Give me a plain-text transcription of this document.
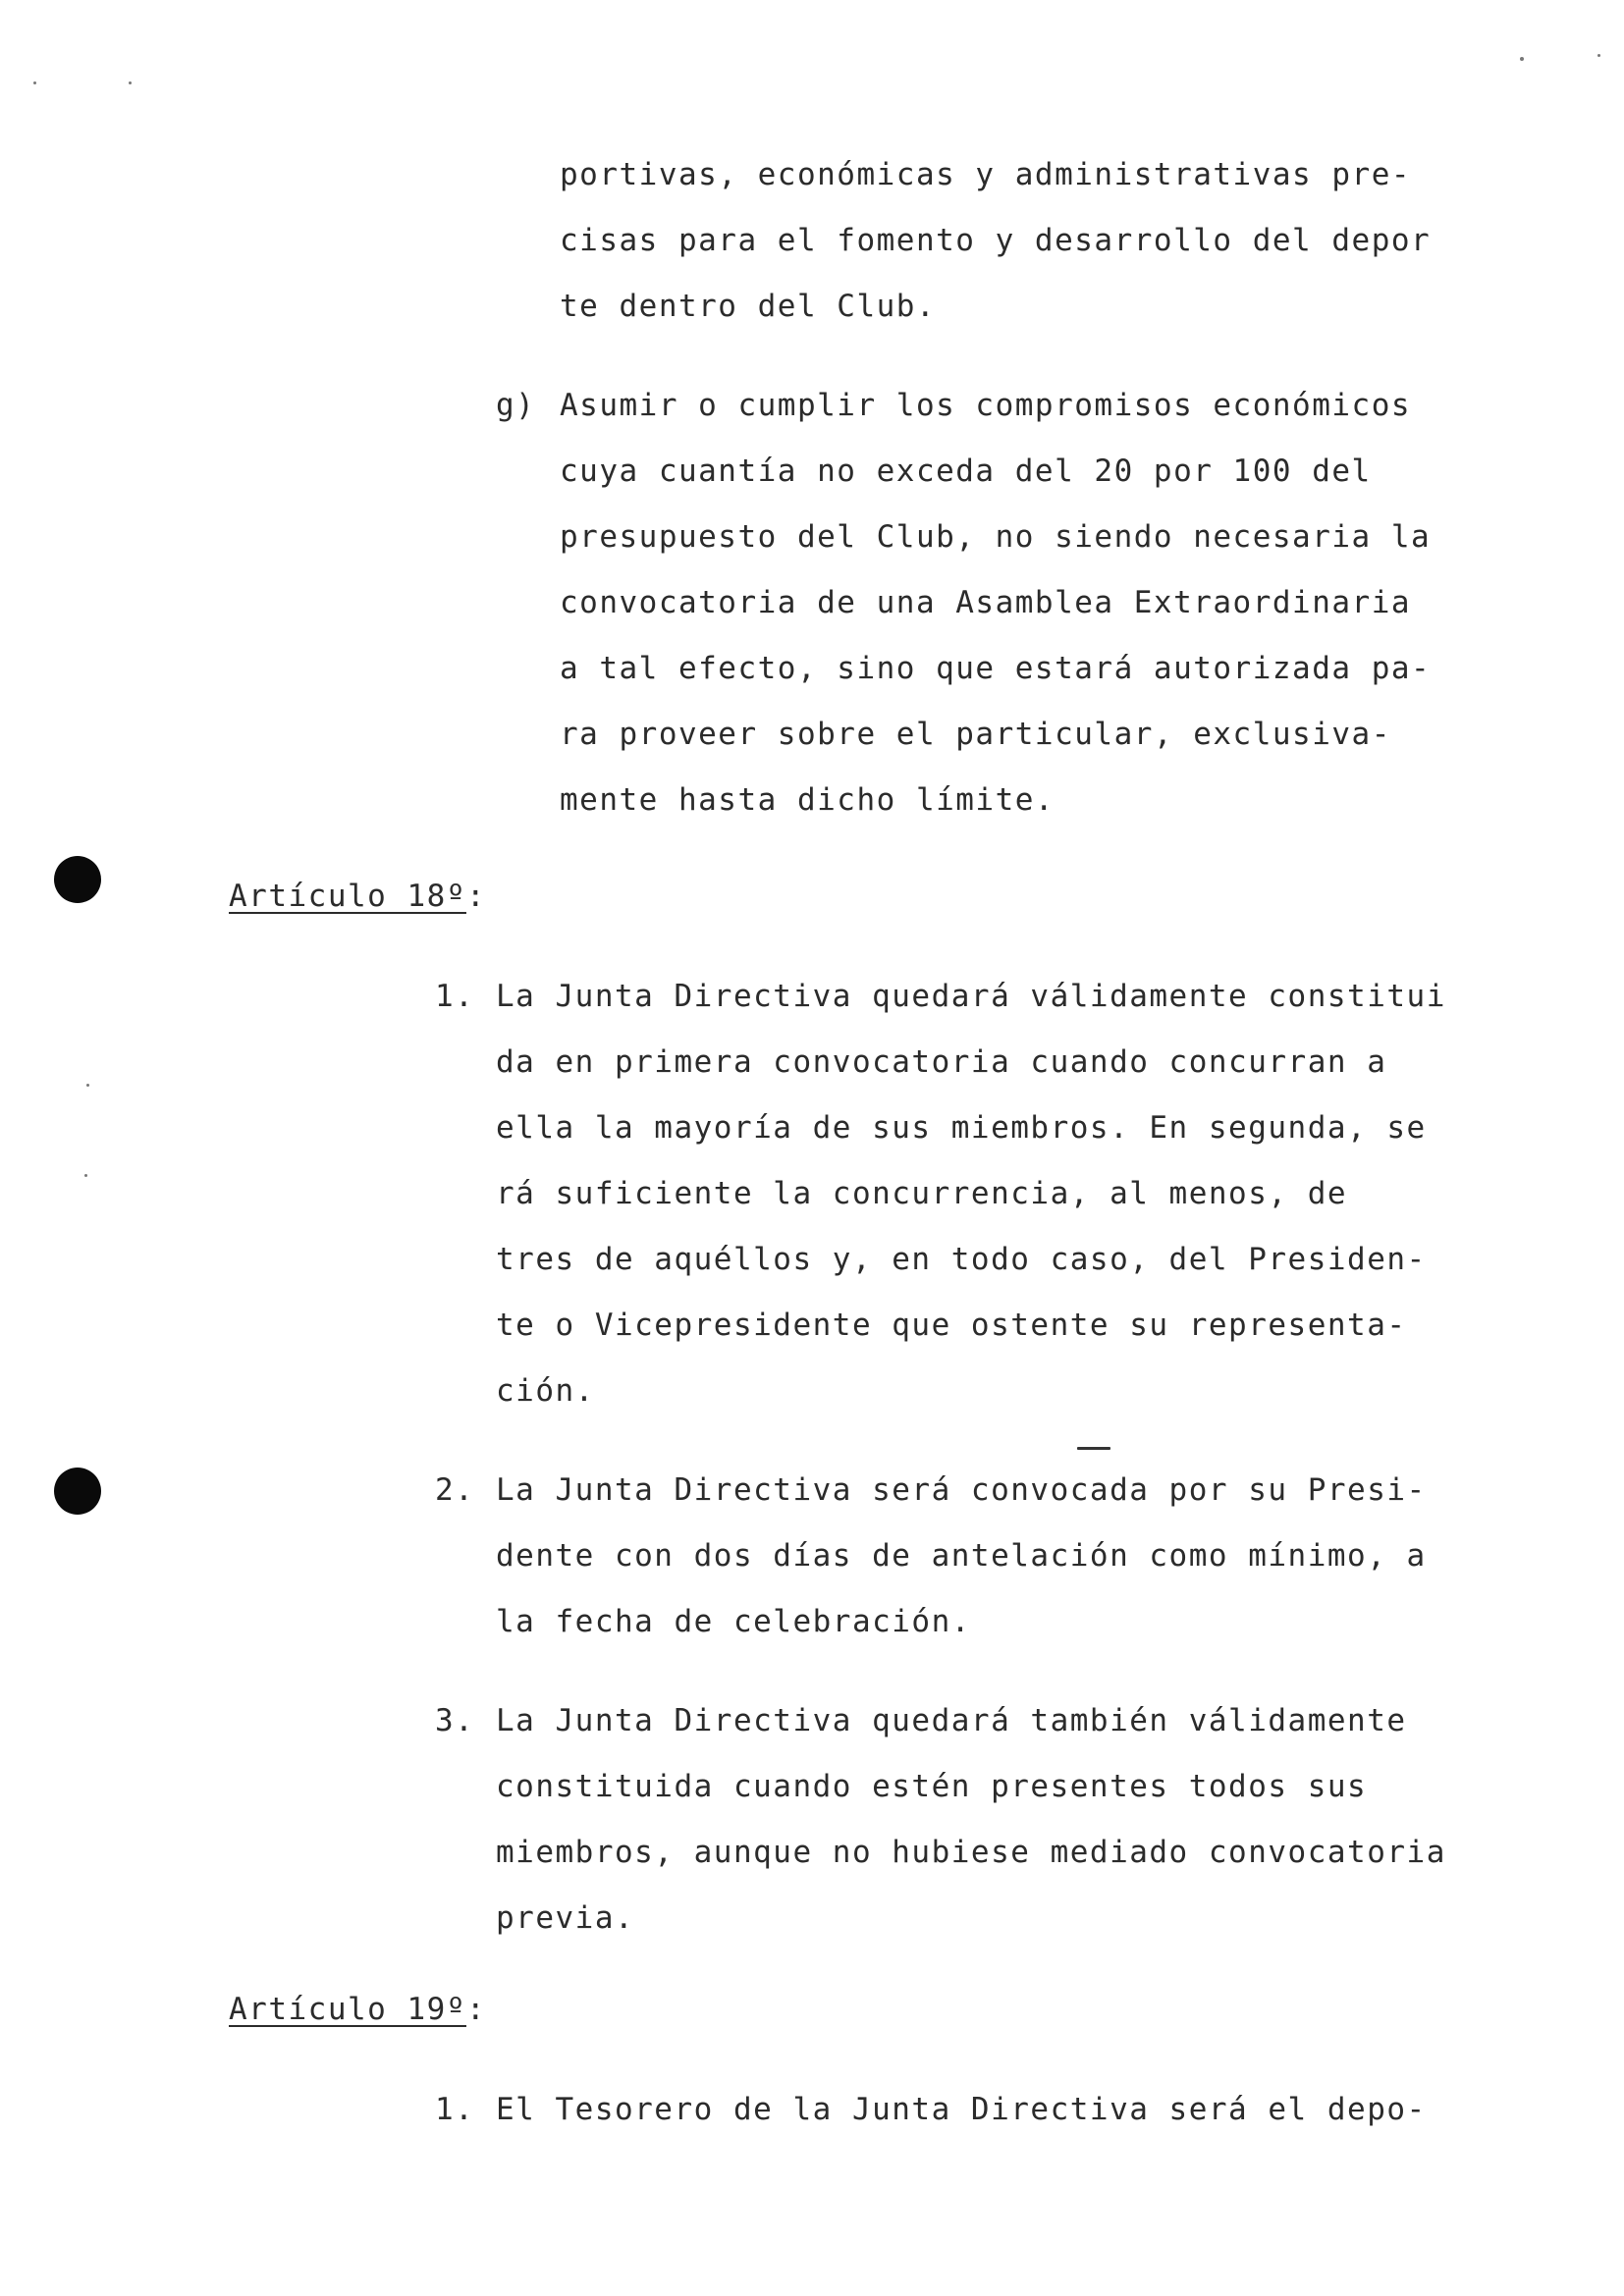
portivas, económicas y administrativas pre-
cisas para el fomento y desarrollo del depor
te dentro del Club.
g) Asumir o cumplir los compromisos económicos
cuya cuantía no exceda del 20 por 100 del
presupuesto del Club, no siendo necesaria la
convocatoria de una Asamblea Extraordinaria
a tal efecto, sino que estará autorizada pa-
ra proveer sobre el particular, exclusiva-
mente hasta dicho límite.
Artículo 18º:
1. La Junta Directiva quedará válidamente constitui
da en primera convocatoria cuando concurran a
ella la mayoría de sus miembros. En segunda, se
rá suficiente la concurrencia, al menos, de
tres de aquéllos y, en todo caso, del Presiden-
te o Vicepresidente que ostente su representa-
ción.
2. La Junta Directiva será convocada por su Presi-
dente con dos días de antelación como mínimo, a
la fecha de celebración.
3. La Junta Directiva quedará también válidamente
constituida cuando estén presentes todos sus
miembros, aunque no hubiese mediado convocatoria
previa.
Artículo 19º:
1. El Tesorero de la Junta Directiva será el depo-
